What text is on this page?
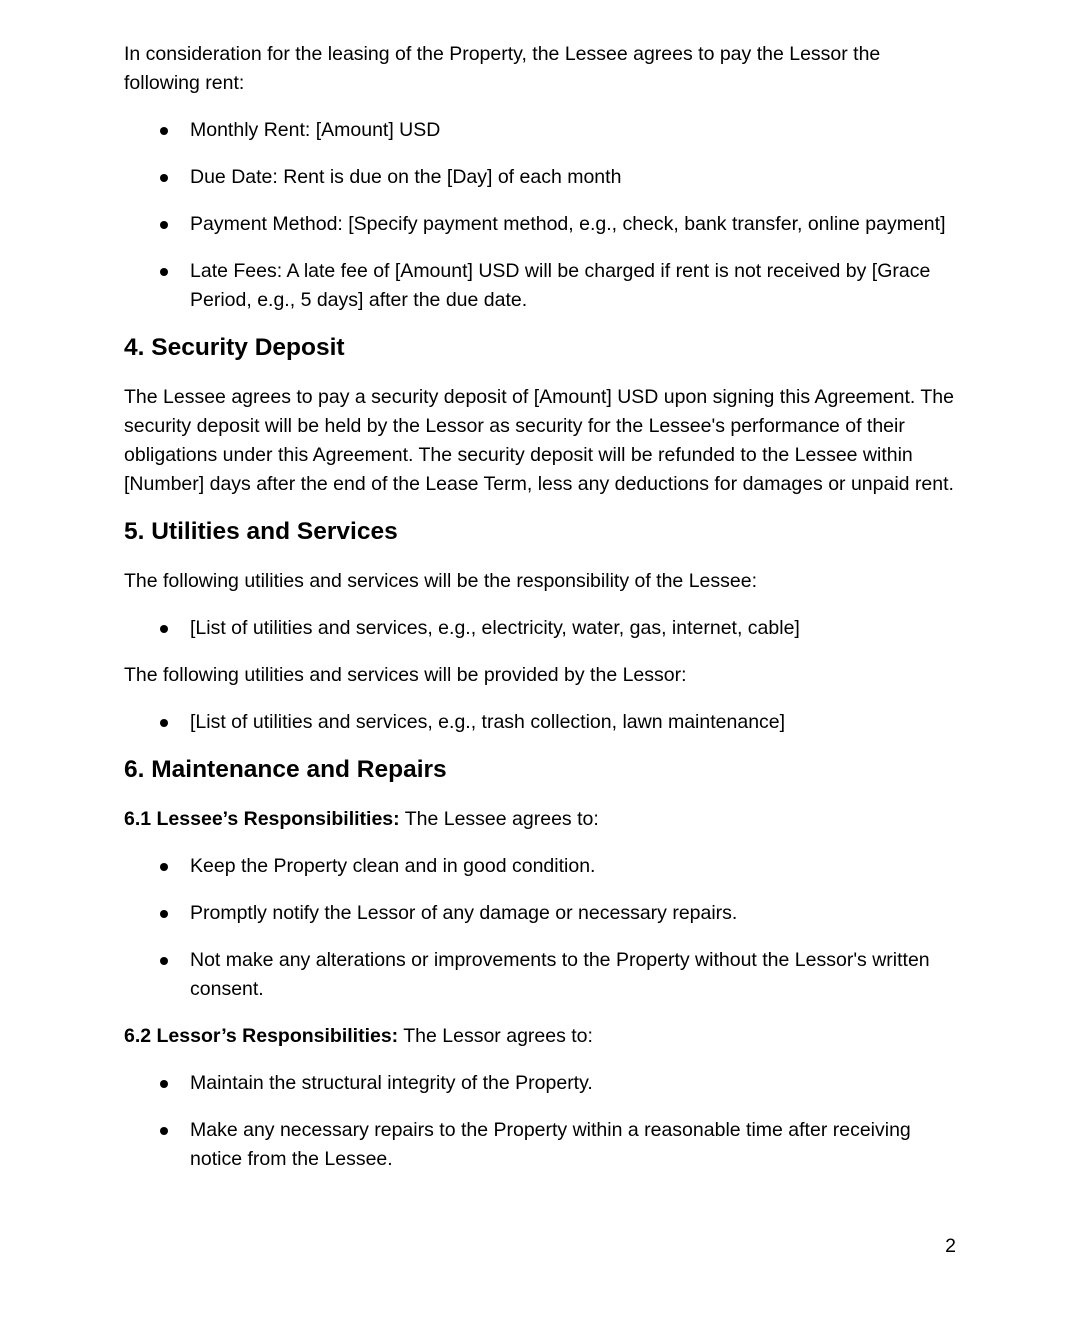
In consideration for the leasing of the Property, the Lessee agrees to pay the Lessor the following rent:

Monthly Rent: [Amount] USD
Due Date: Rent is due on the [Day] of each month
Payment Method: [Specify payment method, e.g., check, bank transfer, online payment]
Late Fees: A late fee of [Amount] USD will be charged if rent is not received by [Grace Period, e.g., 5 days] after the due date.
4. Security Deposit

The Lessee agrees to pay a security deposit of [Amount] USD upon signing this Agreement. The security deposit will be held by the Lessor as security for the Lessee's performance of their obligations under this Agreement. The security deposit will be refunded to the Lessee within [Number] days after the end of the Lease Term, less any deductions for damages or unpaid rent.

5. Utilities and Services

The following utilities and services will be the responsibility of the Lessee:

[List of utilities and services, e.g., electricity, water, gas, internet, cable]

The following utilities and services will be provided by the Lessor:

[List of utilities and services, e.g., trash collection, lawn maintenance]
6. Maintenance and Repairs

6.1 Lessee’s Responsibilities: The Lessee agrees to:

Keep the Property clean and in good condition.
Promptly notify the Lessor of any damage or necessary repairs.
Not make any alterations or improvements to the Property without the Lessor's written consent.

6.2 Lessor’s Responsibilities: The Lessor agrees to:

Maintain the structural integrity of the Property.
Make any necessary repairs to the Property within a reasonable time after receiving notice from the Lessee.
2
